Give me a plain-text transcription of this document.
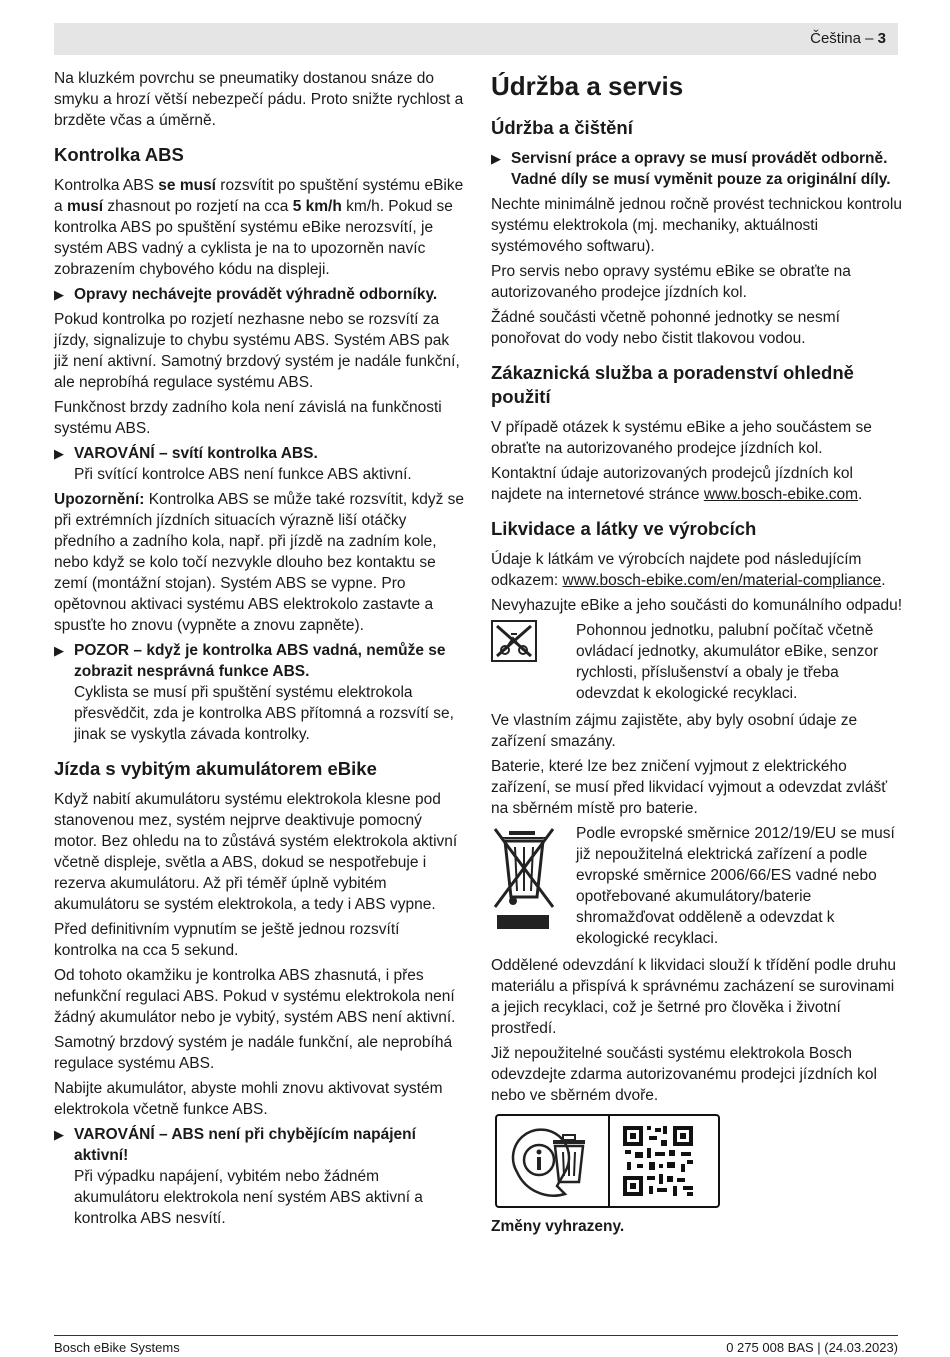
Čeština – 3

Na kluzkém povrchu se pneumatiky dostanou snáze do smyku a hrozí větší nebezpečí pádu. Proto snižte rychlost a brzděte včas a úměrně.

Kontrolka ABS

Kontrolka ABS se musí rozsvítit po spuštění systému eBike a musí zhasnout po rozjetí na cca 5 km/h km/h. Pokud se kontrolka ABS po spuštění systému eBike nerozsvítí, je systém ABS vadný a cyklista je na to upozorněn navíc zobrazením chybového kódu na displeji.

▶ Opravy nechávejte provádět výhradně odborníky.

Pokud kontrolka po rozjetí nezhasne nebo se rozsvítí za jízdy, signalizuje to chybu systému ABS. Systém ABS pak již není aktivní. Samotný brzdový systém je nadále funkční, ale neprobíhá regulace systému ABS.

Funkčnost brzdy zadního kola není závislá na funkčnosti systému ABS.

▶ VAROVÁNÍ – svítí kontrolka ABS.
Při svítící kontrolce ABS není funkce ABS aktivní.

Upozornění: Kontrolka ABS se může také rozsvítit, když se při extrémních jízdních situacích výrazně liší otáčky předního a zadního kola, např. při jízdě na zadním kole, nebo když se kolo točí nezvykle dlouho bez kontaktu se zemí (montážní stojan). Systém ABS se vypne. Pro opětovnou aktivaci systému ABS elektrokolo zastavte a spusťte ho znovu (vypněte a znovu zapněte).

▶ POZOR – když je kontrolka ABS vadná, nemůže se zobrazit nesprávná funkce ABS.
Cyklista se musí při spuštění systému elektrokola přesvědčit, zda je kontrolka ABS přítomná a rozsvítí se, jinak se vyskytla závada kontrolky.
Jízda s vybitým akumulátorem eBike

Když nabití akumulátoru systému elektrokola klesne pod stanovenou mez, systém nejprve deaktivuje pomocný motor. Bez ohledu na to zůstává systém elektrokola aktivní včetně displeje, světla a ABS, dokud se nespotřebuje i rezerva akumulátoru. Až při téměř úplně vybitém akumulátoru se systém elektrokola, a tedy i ABS vypne.

Před definitivním vypnutím se ještě jednou rozsvítí kontrolka na cca 5 sekund.

Od tohoto okamžiku je kontrolka ABS zhasnutá, i přes nefunkční regulaci ABS. Pokud v systému elektrokola není žádný akumulátor nebo je vybitý, systém ABS není aktivní.

Samotný brzdový systém je nadále funkční, ale neprobíhá regulace systému ABS.

Nabijte akumulátor, abyste mohli znovu aktivovat systém elektrokola včetně funkce ABS.

▶ VAROVÁNÍ – ABS není při chybějícím napájení aktivní!
Při výpadku napájení, vybitém nebo žádném akumulátoru elektrokola není systém ABS aktivní a kontrolka ABS nesvítí.
Údržba a servis
Údržba a čištění
▶ Servisní práce a opravy se musí provádět odborně. Vadné díly se musí vyměnit pouze za originální díly.

Nechte minimálně jednou ročně provést technickou kontrolu systému elektrokola (mj. mechaniky, aktuálnosti systémového softwaru).

Pro servis nebo opravy systému eBike se obraťte na autorizovaného prodejce jízdních kol.

Žádné součásti včetně pohonné jednotky se nesmí ponořovat do vody nebo čistit tlakovou vodou.

Zákaznická služba a poradenství ohledně použití

V případě otázek k systému eBike a jeho součástem se obraťte na autorizovaného prodejce jízdních kol.

Kontaktní údaje autorizovaných prodejců jízdních kol najdete na internetové stránce www.bosch-ebike.com.

Likvidace a látky ve výrobcích

Údaje k látkám ve výrobcích najdete pod následujícím odkazem: www.bosch-ebike.com/en/material-compliance.

Nevyhazujte eBike a jeho součásti do komunálního odpadu!

Pohonnou jednotku, palubní počítač včetně ovládací jednotky, akumulátor eBike, senzor rychlosti, příslušenství a obaly je třeba odevzdat k ekologické recyklaci.

Ve vlastním zájmu zajistěte, aby byly osobní údaje ze zařízení smazány.

Baterie, které lze bez zničení vyjmout z elektrického zařízení, se musí před likvidací vyjmout a odevzdat zvlášť na sběrném místě pro baterie.

Podle evropské směrnice 2012/19/EU se musí již nepoužitelná elektrická zařízení a podle evropské směrnice 2006/66/ES vadné nebo opotřebované akumulátory/baterie shromažďovat odděleně a odevzdat k ekologické recyklaci.

Oddělené odevzdání k likvidaci slouží k třídění podle druhu materiálu a přispívá k správnému zacházení se surovinami a jejich recyklaci, což je šetrné pro člověka i životní prostředí.

Již nepoužitelné součásti systému elektrokola Bosch odevzdejte zdarma autorizovanému prodejci jízdních kol nebo ve sběrném dvoře.

Změny vyhrazeny.

Bosch eBike Systems	0 275 008 BAS | (24.03.2023)
